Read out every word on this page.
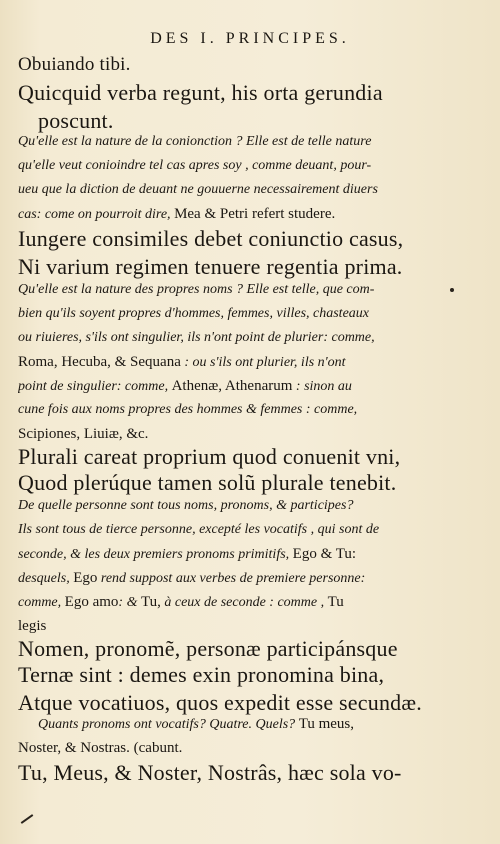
DES I. PRINCIPES.
Obuiando tibi.
Quicquid verba regunt, his orta gerundia
poscunt.
Qu'elle est la nature de la conionction ? Elle est de telle nature
qu'elle veut conioindre tel cas apres soy , comme deuant, pour-
ueu que la diction de deuant ne gouuerne necessairement diuers
cas: come on pourroit dire, Mea & Petri refert studere.
Iungere consimiles debet coniunctio casus,
Ni varium regimen tenuere regentia prima.
Qu'elle est la nature des propres noms ? Elle est telle, que com-
bien qu'ils soyent propres d'hommes, femmes, villes, chasteaux
ou riuieres, s'ils ont singulier, ils n'ont point de plurier: comme,
Roma, Hecuba, & Sequana : ou s'ils ont plurier, ils n'ont
point de singulier: comme, Athenæ, Athenarum : sinon au
cune fois aux noms propres des hommes & femmes : comme,
Scipiones, Liuiæ, &c.
Plurali careat proprium quod conuenit vni,
Quod plerúque tamen solũ plurale tenebit.
De quelle personne sont tous noms, pronoms, & participes?
Ils sont tous de tierce personne, excepté les vocatifs , qui sont de
seconde, & les deux premiers pronoms primitifs, Ego & Tu:
desquels, Ego rend suppost aux verbes de premiere personne:
comme, Ego amo: & Tu, à ceux de seconde : comme , Tu
legis
Nomen, pronomẽ, personæ participánsque
Ternæ sint : demes exin pronomina bina,
Atque vocatiuos, quos expedit esse secundæ.
Quants pronoms ont vocatifs? Quatre. Quels? Tu meus,
Noster, & Nostras. (cabunt.
Tu, Meus, & Noster, Nostrâs, hæc sola vo-
